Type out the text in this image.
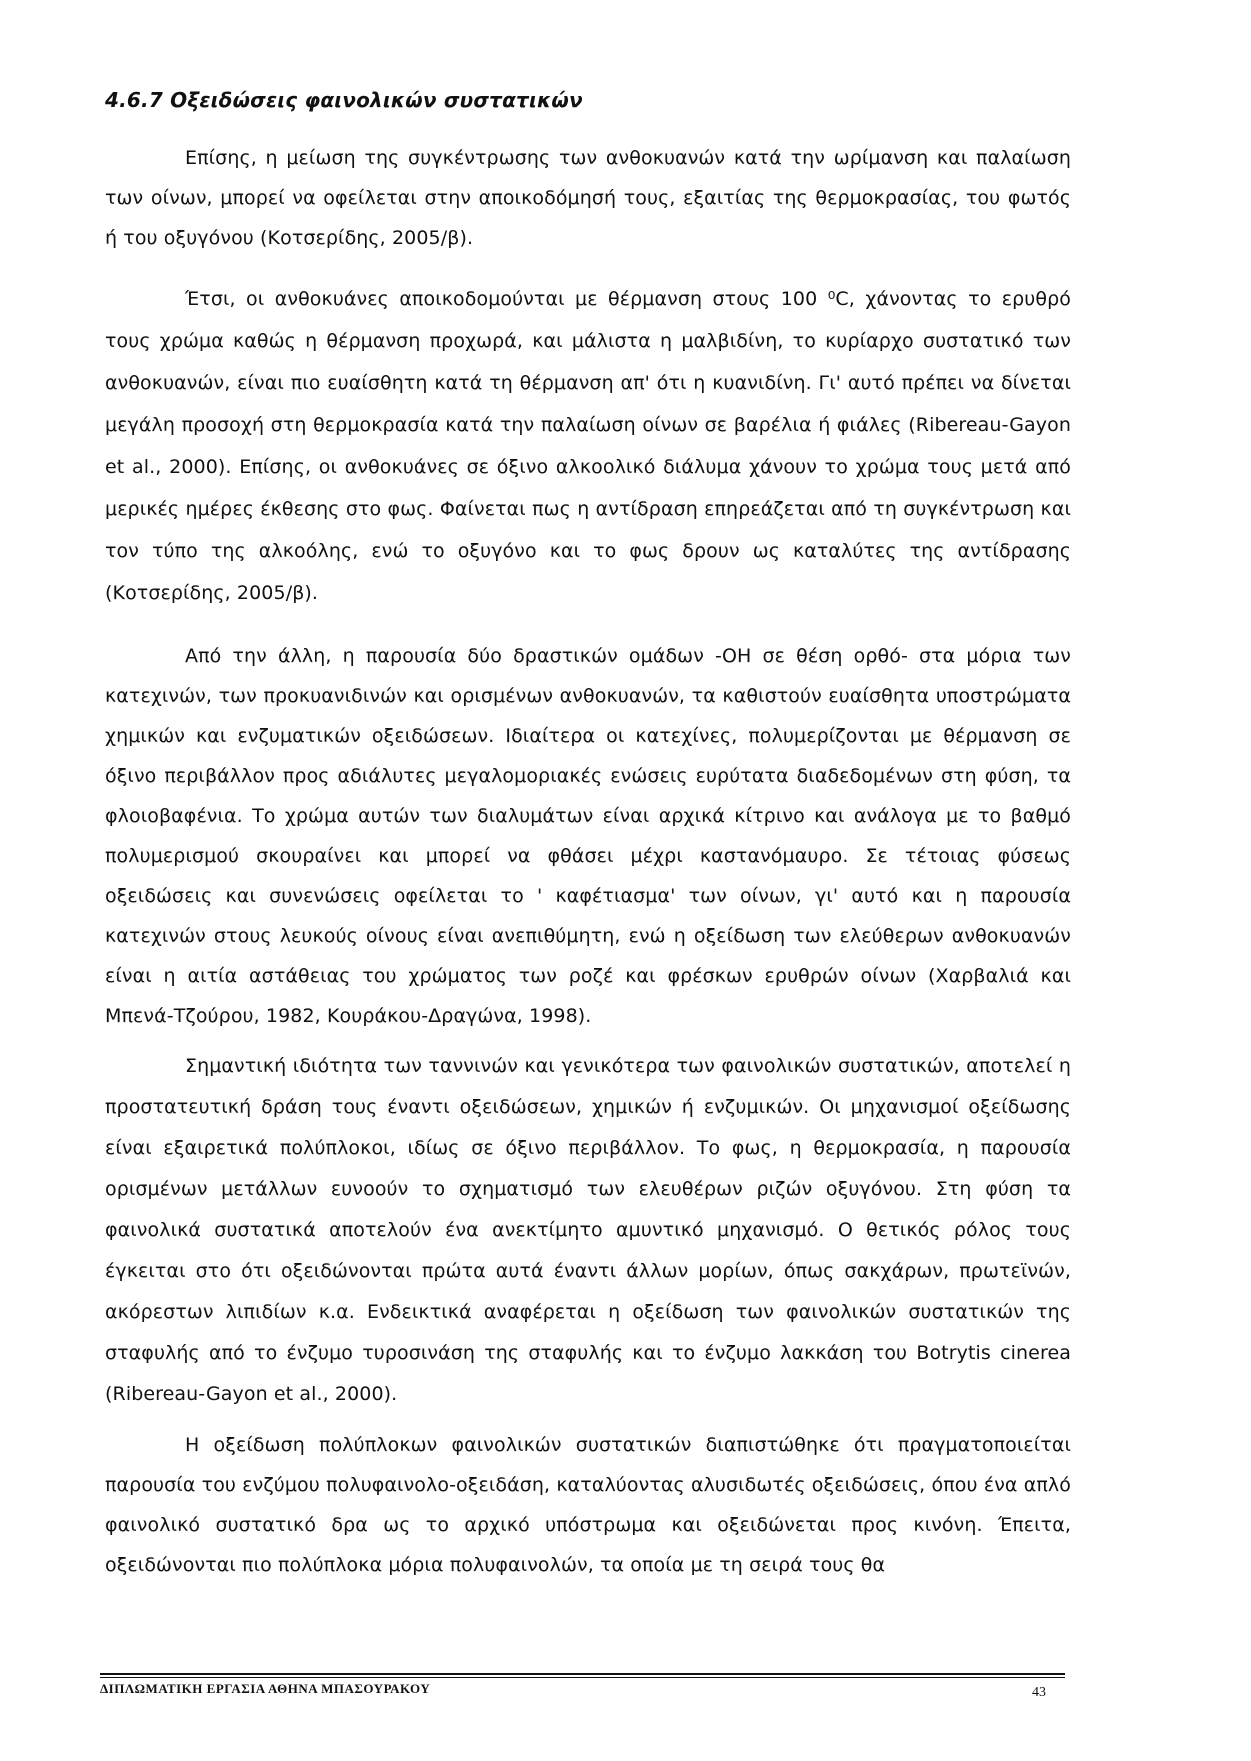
4.6.7 Οξειδώσεις φαινολικών συστατικών

Επίσης, η μείωση της συγκέντρωσης των ανθοκυανών κατά την ωρίμανση και παλαίωση των οίνων, μπορεί να οφείλεται στην αποικοδόμησή τους, εξαιτίας της θερμοκρασίας, του φωτός ή του οξυγόνου (Κοτσερίδης, 2005/β).

Έτσι, οι ανθοκυάνες αποικοδομούνται με θέρμανση στους 100 ⁰C, χάνοντας το ερυθρό τους χρώμα καθώς η θέρμανση προχωρά, και μάλιστα η μαλβιδίνη, το κυρίαρχο συστατικό των ανθοκυανών, είναι πιο ευαίσθητη κατά τη θέρμανση απ' ότι η κυανιδίνη. Γι' αυτό πρέπει να δίνεται μεγάλη προσοχή στη θερμοκρασία κατά την παλαίωση οίνων σε βαρέλια ή φιάλες (Ribereau-Gayon et al., 2000). Επίσης, οι ανθοκυάνες σε όξινο αλκοολικό διάλυμα χάνουν το χρώμα τους μετά από μερικές ημέρες έκθεσης στο φως. Φαίνεται πως η αντίδραση επηρεάζεται από τη συγκέντρωση και τον τύπο της αλκοόλης, ενώ το οξυγόνο και το φως δρουν ως καταλύτες της αντίδρασης (Κοτσερίδης, 2005/β).

Από την άλλη, η παρουσία δύο δραστικών ομάδων -ΟΗ σε θέση ορθό- στα μόρια των κατεχινών, των προκυανιδινών και ορισμένων ανθοκυανών, τα καθιστούν ευαίσθητα υποστρώματα χημικών και ενζυματικών οξειδώσεων. Ιδιαίτερα οι κατεχίνες, πολυμερίζονται με θέρμανση σε όξινο περιβάλλον προς αδιάλυτες μεγαλομοριακές ενώσεις ευρύτατα διαδεδομένων στη φύση, τα φλοιοβαφένια. Το χρώμα αυτών των διαλυμάτων είναι αρχικά κίτρινο και ανάλογα με το βαθμό πολυμερισμού σκουραίνει και μπορεί να φθάσει μέχρι καστανόμαυρο. Σε τέτοιας φύσεως οξειδώσεις και συνενώσεις οφείλεται το ' καφέτιασμα' των οίνων, γι' αυτό και η παρουσία κατεχινών στους λευκούς οίνους είναι ανεπιθύμητη, ενώ η οξείδωση των ελεύθερων ανθοκυανών είναι η αιτία αστάθειας του χρώματος των ροζέ και φρέσκων ερυθρών οίνων (Χαρβαλιά και Μπενά-Τζούρου, 1982, Κουράκου-Δραγώνα, 1998).

Σημαντική ιδιότητα των ταννινών και γενικότερα των φαινολικών συστατικών, αποτελεί η προστατευτική δράση τους έναντι οξειδώσεων, χημικών ή ενζυμικών. Οι μηχανισμοί οξείδωσης είναι εξαιρετικά πολύπλοκοι, ιδίως σε όξινο περιβάλλον. Το φως, η θερμοκρασία, η παρουσία ορισμένων μετάλλων ευνοούν το σχηματισμό των ελευθέρων ριζών οξυγόνου. Στη φύση τα φαινολικά συστατικά αποτελούν ένα ανεκτίμητο αμυντικό μηχανισμό. Ο θετικός ρόλος τους έγκειται στο ότι οξειδώνονται πρώτα αυτά έναντι άλλων μορίων, όπως σακχάρων, πρωτεϊνών, ακόρεστων λιπιδίων κ.α. Ενδεικτικά αναφέρεται η οξείδωση των φαινολικών συστατικών της σταφυλής από το ένζυμο τυροσινάση της σταφυλής και το ένζυμο λακκάση του Botrytis cinerea (Ribereau-Gayon et al., 2000).

Η οξείδωση πολύπλοκων φαινολικών συστατικών διαπιστώθηκε ότι πραγματοποιείται παρουσία του ενζύμου πολυφαινολο-οξειδάση, καταλύοντας αλυσιδωτές οξειδώσεις, όπου ένα απλό φαινολικό συστατικό δρα ως το αρχικό υπόστρωμα και οξειδώνεται προς κινόνη. Έπειτα, οξειδώνονται πιο πολύπλοκα μόρια πολυφαινολών, τα οποία με τη σειρά τους θα

ΔΙΠΛΩΜΑΤΙΚΗ ΕΡΓΑΣΙΑ ΑΘΗΝΑ ΜΠΑΣΟΥΡΑΚΟΥ	43
